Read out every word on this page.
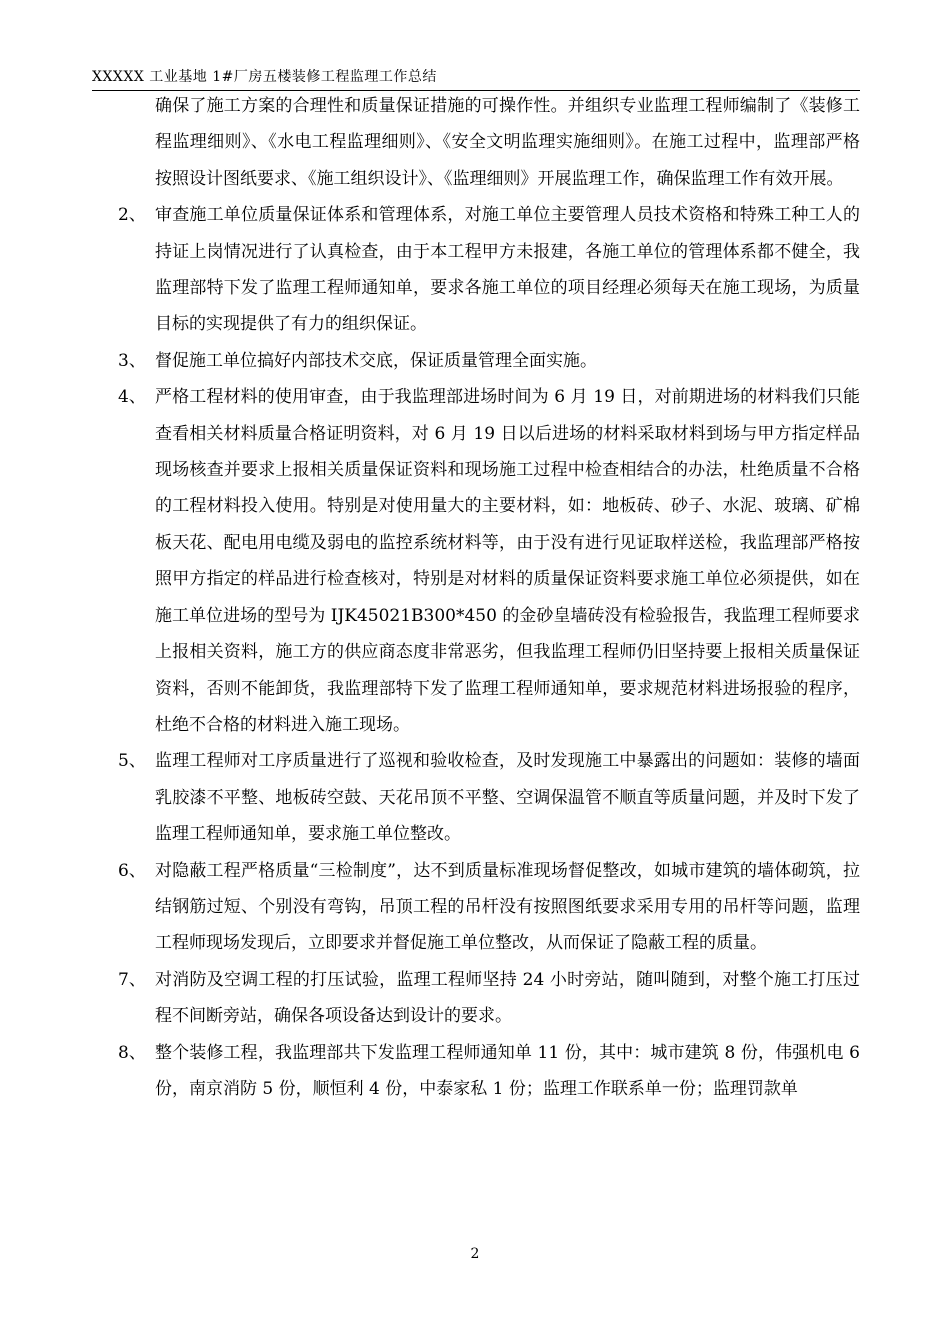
XXXXX 工业基地 1#厂房五楼装修工程监理工作总结

确保了施工方案的合理性和质量保证措施的可操作性。并组织专业监理工程师编制了《装修工程监理细则》、《水电工程监理细则》、《安全文明监理实施细则》。在施工过程中，监理部严格按照设计图纸要求、《施工组织设计》、《监理细则》开展监理工作，确保监理工作有效开展。

2、 审查施工单位质量保证体系和管理体系，对施工单位主要管理人员技术资格和特殊工种工人的持证上岗情况进行了认真检查，由于本工程甲方未报建，各施工单位的管理体系都不健全，我监理部特下发了监理工程师通知单，要求各施工单位的项目经理必须每天在施工现场，为质量目标的实现提供了有力的组织保证。
3、 督促施工单位搞好内部技术交底，保证质量管理全面实施。
4、 严格工程材料的使用审查，由于我监理部进场时间为 6 月 19 日，对前期进场的材料我们只能查看相关材料质量合格证明资料，对 6 月 19 日以后进场的材料采取材料到场与甲方指定样品现场核查并要求上报相关质量保证资料和现场施工过程中检查相结合的办法，杜绝质量不合格的工程材料投入使用。特别是对使用量大的主要材料，如：地板砖、砂子、水泥、玻璃、矿棉板天花、配电用电缆及弱电的监控系统材料等，由于没有进行见证取样送检，我监理部严格按照甲方指定的样品进行检查核对，特别是对材料的质量保证资料要求施工单位必须提供，如在施工单位进场的型号为 IJK45021B300*450 的金砂皇墙砖没有检验报告，我监理工程师要求上报相关资料，施工方的供应商态度非常恶劣，但我监理工程师仍旧坚持要上报相关质量保证资料，否则不能卸货，我监理部特下发了监理工程师通知单，要求规范材料进场报验的程序，杜绝不合格的材料进入施工现场。
5、 监理工程师对工序质量进行了巡视和验收检查，及时发现施工中暴露出的问题如：装修的墙面乳胶漆不平整、地板砖空鼓、天花吊顶不平整、空调保温管不顺直等质量问题，并及时下发了监理工程师通知单，要求施工单位整改。
6、 对隐蔽工程严格质量“三检制度”，达不到质量标准现场督促整改，如城市建筑的墙体砌筑，拉结钢筋过短、个别没有弯钩，吊顶工程的吊杆没有按照图纸要求采用专用的吊杆等问题，监理工程师现场发现后，立即要求并督促施工单位整改，从而保证了隐蔽工程的质量。
7、 对消防及空调工程的打压试验，监理工程师坚持 24 小时旁站，随叫随到，对整个施工打压过程不间断旁站，确保各项设备达到设计的要求。
8、 整个装修工程，我监理部共下发监理工程师通知单 11 份，其中：城市建筑 8 份，伟强机电 6 份，南京消防 5 份，顺恒利 4 份，中泰家私 1 份；监理工作联系单一份；监理罚款单
2
